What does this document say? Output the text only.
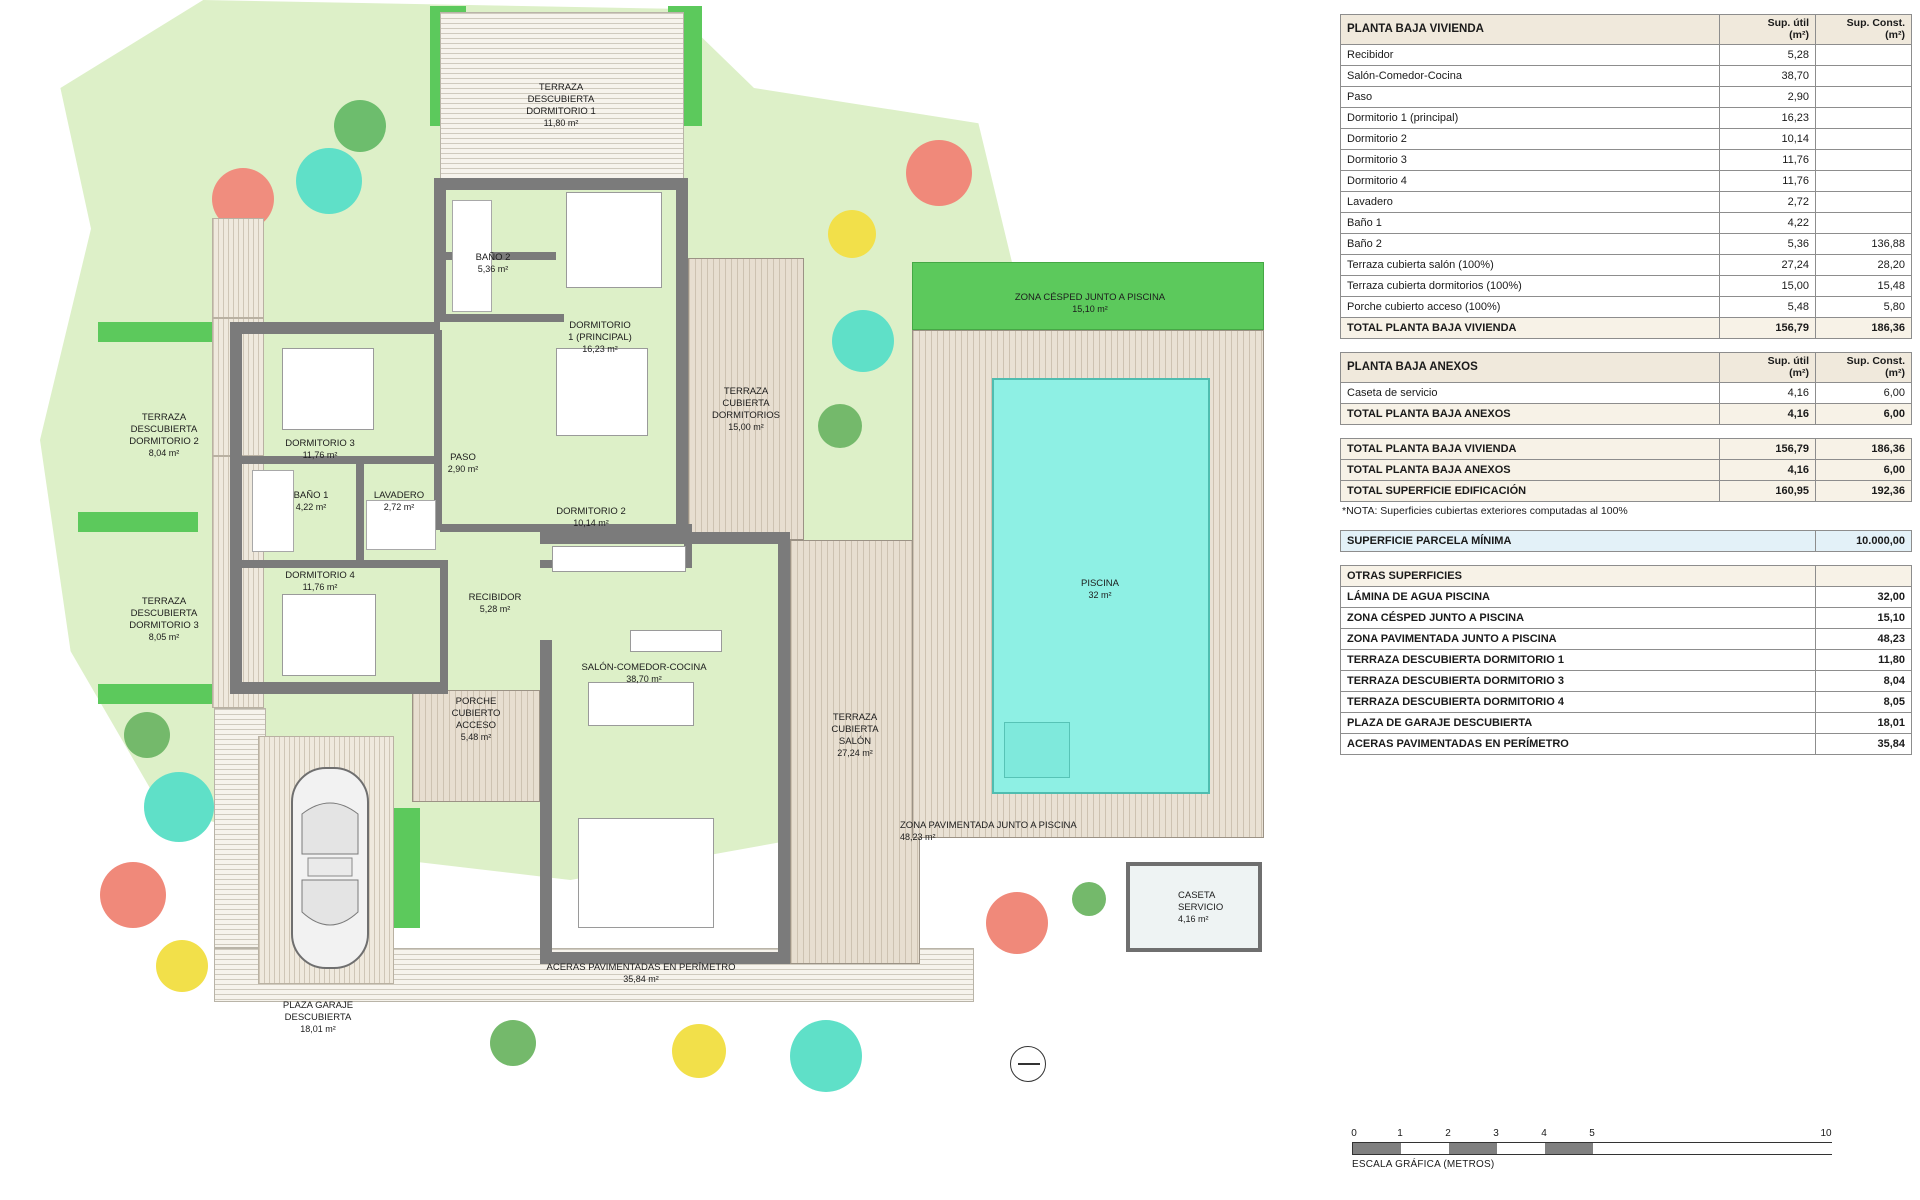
TERRAZA
DESCUBIERTA
DORMITORIO 1
11,80 m²
BAÑO 2
5,36 m²
DORMITORIO
1 (PRINCIPAL)
16,23 m²
TERRAZA
CUBIERTA
DORMITORIOS
15,00 m²
TERRAZA
DESCUBIERTA
DORMITORIO 2
8,04 m²
TERRAZA
DESCUBIERTA
DORMITORIO 3
8,05 m²
DORMITORIO 3
11,76 m²	PASO
2,90 m²
BAÑO 1
4,22 m²
LAVADERO
2,72 m²	DORMITORIO 2
10,14 m²
DORMITORIO 4
11,76 m²
RECIBIDOR
5,28 m²
PORCHE
CUBIERTO
ACCESO
5,48 m²
SALÓN-COMEDOR-COCINA
38,70 m²
TERRAZA
CUBIERTA
SALÓN
27,24 m²
ZONA CÉSPED JUNTO A PISCINA
15,10 m²
PISCINA
32 m²
ZONA PAVIMENTADA JUNTO A PISCINA
48,23 m²
CASETA
SERVICIO
4,16 m²
ACERAS PAVIMENTADAS EN PERÍMETRO
35,84 m²
PLAZA GARAJE
DESCUBIERTA
18,01 m²
PLANTA BAJA VIVIENDA	Sup. útil
(m²)	Sup. Const.
(m²)
Recibidor	5,28	
Salón-Comedor-Cocina	38,70	
Paso	2,90	
Dormitorio 1 (principal)	16,23	
Dormitorio 2	10,14	
Dormitorio 3	11,76	
Dormitorio 4	11,76	
Lavadero	2,72	
Baño 1	4,22	
Baño 2	5,36	136,88
Terraza cubierta salón (100%)	27,24	28,20
Terraza cubierta dormitorios (100%)	15,00	15,48
Porche cubierto acceso (100%)	5,48	5,80
TOTAL PLANTA BAJA VIVIENDA	156,79	186,36
PLANTA BAJA ANEXOS	Sup. útil
(m²)	Sup. Const.
(m²)
Caseta de servicio	4,16	6,00
TOTAL PLANTA BAJA ANEXOS	4,16	6,00
TOTAL PLANTA BAJA VIVIENDA	156,79	186,36
TOTAL PLANTA BAJA ANEXOS	4,16	6,00
TOTAL SUPERFICIE EDIFICACIÓN	160,95	192,36
*NOTA: Superficies cubiertas exteriores computadas al 100%
SUPERFICIE PARCELA MÍNIMA	10.000,00
OTRAS SUPERFICIES	
LÁMINA DE AGUA PISCINA	32,00
ZONA CÉSPED JUNTO A PISCINA	15,10
ZONA PAVIMENTADA JUNTO A PISCINA	48,23
TERRAZA DESCUBIERTA DORMITORIO 1	11,80
TERRAZA DESCUBIERTA DORMITORIO 3	8,04
TERRAZA DESCUBIERTA DORMITORIO 4	8,05
PLAZA DE GARAJE DESCUBIERTA	18,01
ACERAS PAVIMENTADAS EN PERÍMETRO	35,84
0	1	2	3	4	5	10
ESCALA GRÁFICA (METROS)
